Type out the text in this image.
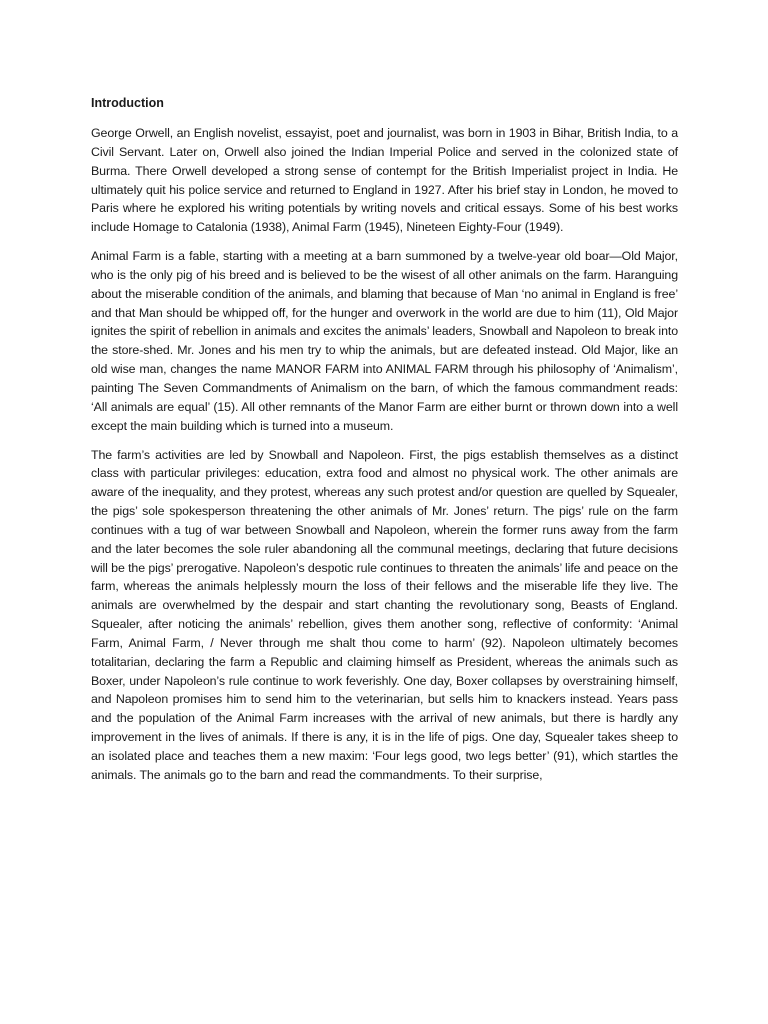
Introduction

George Orwell, an English novelist, essayist, poet and journalist, was born in 1903 in Bihar, British India, to a Civil Servant. Later on, Orwell also joined the Indian Imperial Police and served in the colonized state of Burma. There Orwell developed a strong sense of contempt for the British Imperialist project in India. He ultimately quit his police service and returned to England in 1927. After his brief stay in London, he moved to Paris where he explored his writing potentials by writing novels and critical essays. Some of his best works include Homage to Catalonia (1938), Animal Farm (1945), Nineteen Eighty-Four (1949).

Animal Farm is a fable, starting with a meeting at a barn summoned by a twelve-year old boar—Old Major, who is the only pig of his breed and is believed to be the wisest of all other animals on the farm. Haranguing about the miserable condition of the animals, and blaming that because of Man ‘no animal in England is free’ and that Man should be whipped off, for the hunger and overwork in the world are due to him (11), Old Major ignites the spirit of rebellion in animals and excites the animals’ leaders, Snowball and Napoleon to break into the store-shed. Mr. Jones and his men try to whip the animals, but are defeated instead. Old Major, like an old wise man, changes the name MANOR FARM into ANIMAL FARM through his philosophy of ‘Animalism’, painting The Seven Commandments of Animalism on the barn, of which the famous commandment reads: ‘All animals are equal’ (15). All other remnants of the Manor Farm are either burnt or thrown down into a well except the main building which is turned into a museum.

The farm’s activities are led by Snowball and Napoleon. First, the pigs establish themselves as a distinct class with particular privileges: education, extra food and almost no physical work. The other animals are aware of the inequality, and they protest, whereas any such protest and/or question are quelled by Squealer, the pigs’ sole spokesperson threatening the other animals of Mr. Jones’ return. The pigs’ rule on the farm continues with a tug of war between Snowball and Napoleon, wherein the former runs away from the farm and the later becomes the sole ruler abandoning all the communal meetings, declaring that future decisions will be the pigs’ prerogative. Napoleon’s despotic rule continues to threaten the animals’ life and peace on the farm, whereas the animals helplessly mourn the loss of their fellows and the miserable life they live. The animals are overwhelmed by the despair and start chanting the revolutionary song, Beasts of England. Squealer, after noticing the animals’ rebellion, gives them another song, reflective of conformity: ‘Animal Farm, Animal Farm, / Never through me shalt thou come to harm’ (92). Napoleon ultimately becomes totalitarian, declaring the farm a Republic and claiming himself as President, whereas the animals such as Boxer, under Napoleon’s rule continue to work feverishly. One day, Boxer collapses by overstraining himself, and Napoleon promises him to send him to the veterinarian, but sells him to knackers instead. Years pass and the population of the Animal Farm increases with the arrival of new animals, but there is hardly any improvement in the lives of animals. If there is any, it is in the life of pigs. One day, Squealer takes sheep to an isolated place and teaches them a new maxim: ‘Four legs good, two legs better’ (91), which startles the animals. The animals go to the barn and read the commandments. To their surprise,
